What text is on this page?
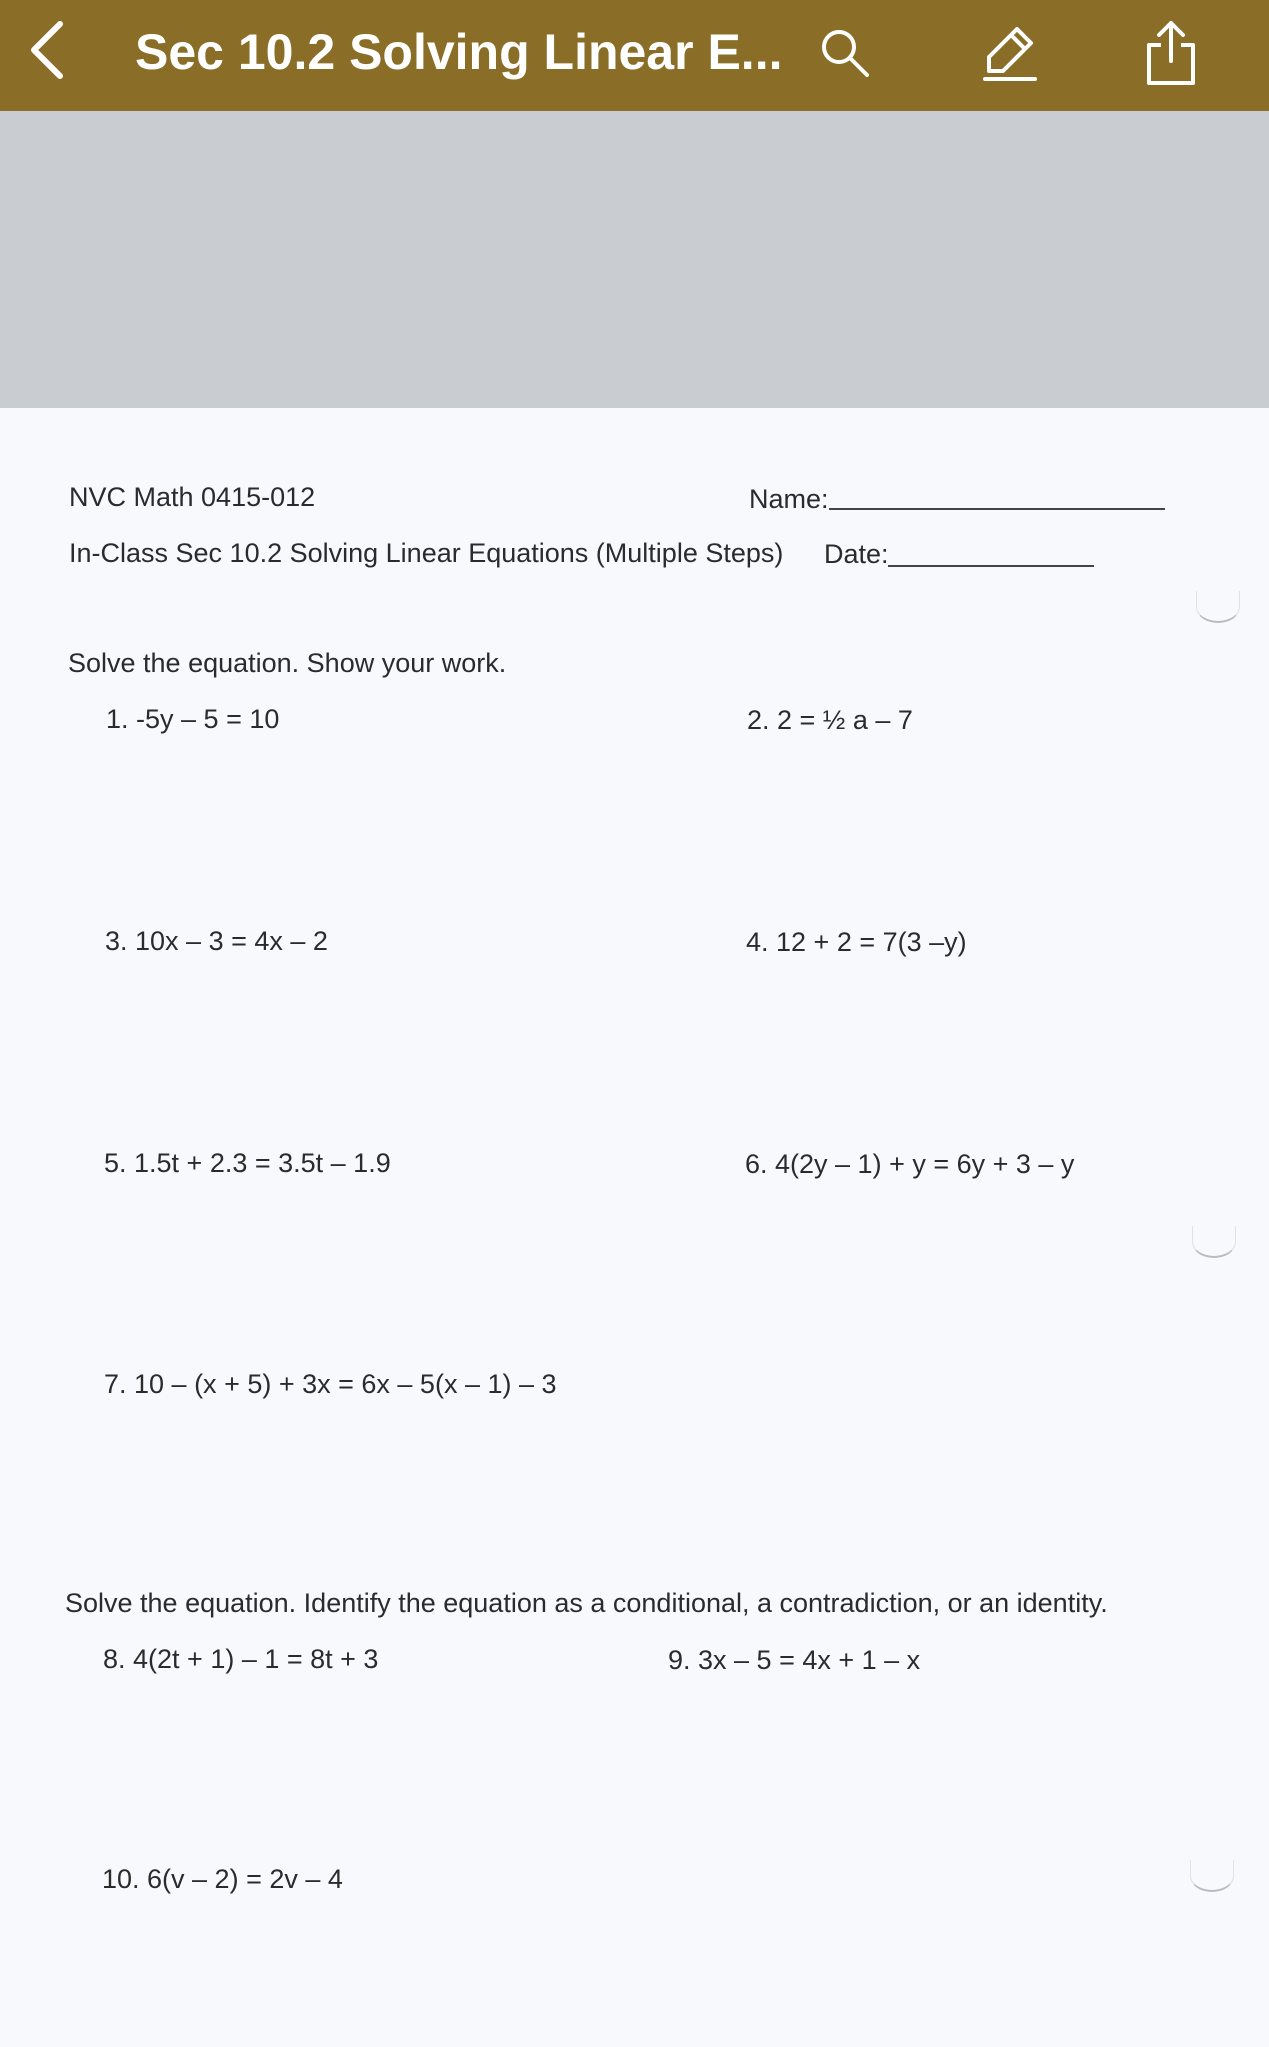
Sec 10.2 Solving Linear E...
NVC Math 0415-012	Name:
In-Class Sec 10.2 Solving Linear Equations (Multiple Steps) Date:
Solve the equation. Show your work.
1. -5y – 5 = 10	2. 2 = ½ a – 7
3. 10x – 3 = 4x – 2	4. 12 + 2 = 7(3 –y)
5. 1.5t + 2.3 = 3.5t – 1.9	6. 4(2y – 1) + y = 6y + 3 – y
7. 10 – (x + 5) + 3x = 6x – 5(x – 1) – 3
Solve the equation. Identify the equation as a conditional, a contradiction, or an identity.
8. 4(2t + 1) – 1 = 8t + 3	9. 3x – 5 = 4x + 1 – x
10. 6(v – 2) = 2v – 4
